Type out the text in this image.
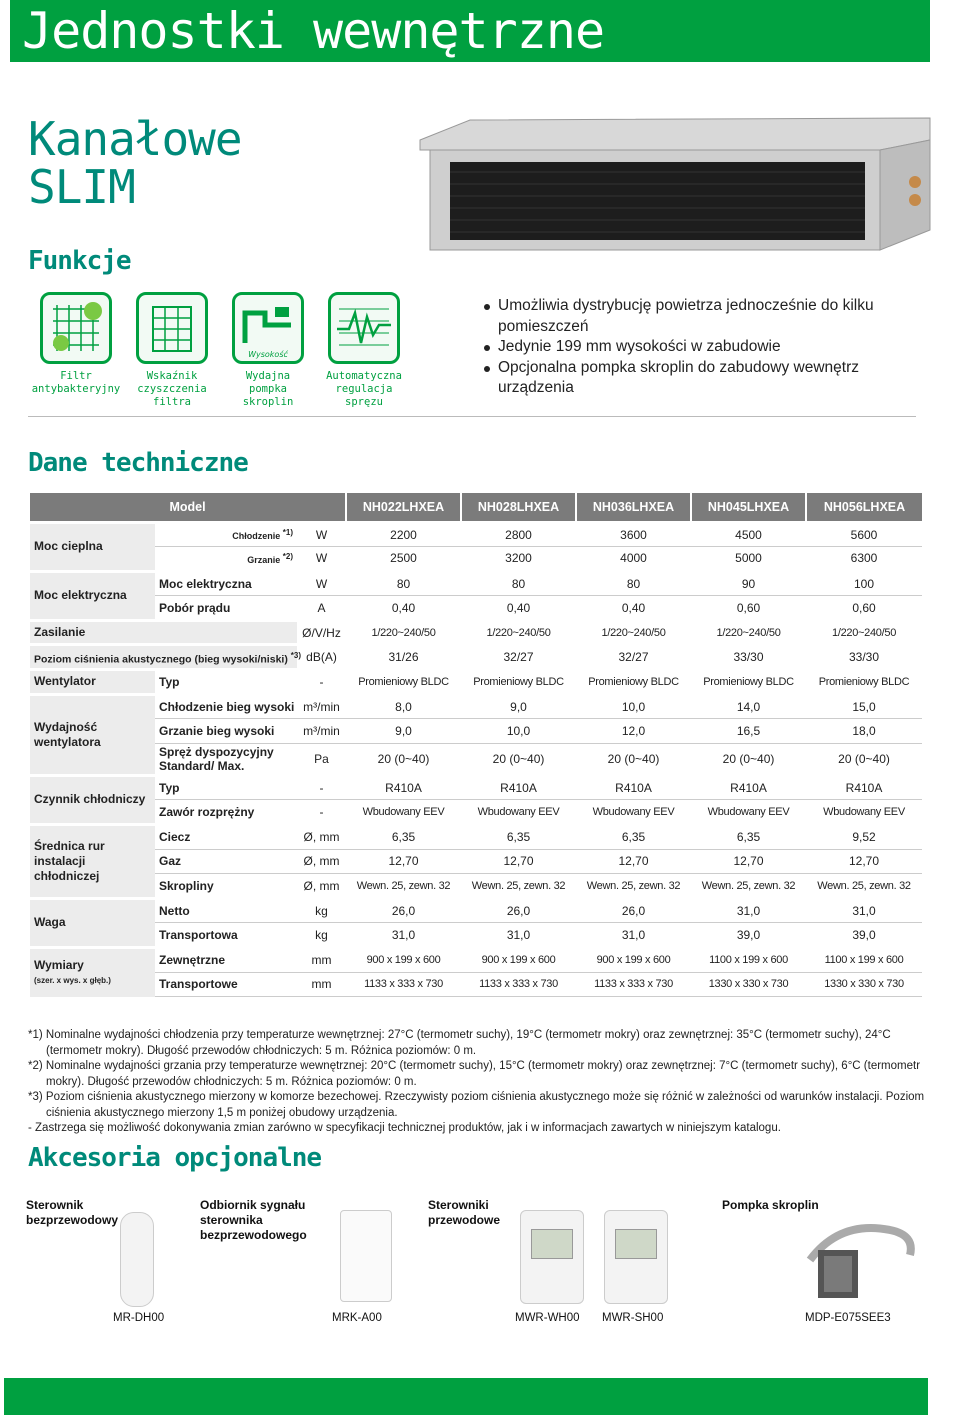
Jednostki wewnętrzne
Kanałowe
SLIM
Funkcje
Filtr
antybakteryjny
Wskaźnik
czyszczenia
filtra
Wysokość
Wydajna
pompka
skroplin
Automatyczna
regulacja
spręzu
Umożliwia dystrybucję powietrza jednocześnie do kilku pomieszczeń
Jedynie 199 mm wysokości w zabudowie
Opcjonalna pompka skroplin do zabudowy wewnętrz urządzenia
Dane techniczne
Model			NH022LHXEA	NH028LHXEA	NH036LHXEA	NH045LHXEA	NH056LHXEA
Moc cieplna	Chłodzenie $^{*1)}$	W	2200	2800	3600	4500	5600
	Grzanie $^{*2)}$	W	2500	3200	4000	5000	6300
Moc elektryczna	Moc elektryczna	W	80	80	80	90	100
	Pobór prądu	A	0,40	0,40	0,40	0,60	0,60
Zasilanie		Ø/V/Hz	1/220~240/50	1/220~240/50	1/220~240/50	1/220~240/50	1/220~240/50
Poziom ciśnienia akustycznego (bieg wysoki/niski) $^{*3)}$		dB(A)	31/26	32/27	32/27	33/30	33/30
Wentylator	Typ	-	Promieniowy BLDC	Promieniowy BLDC	Promieniowy BLDC	Promieniowy BLDC	Promieniowy BLDC

Wydajność
wentylatora	Chłodzenie bieg wysoki	m³/min	8,0	9,0	10,0	14,0	15,0
	Grzanie bieg wysoki	m³/min	9,0	10,0	12,0	16,5	18,0

	Spręż dyspozycyjny
Standard/ Max.	Pa	20 (0~40)	20 (0~40)	20 (0~40)	20 (0~40)	20 (0~40)
Czynnik chłodniczy	Typ	-	R410A	R410A	R410A	R410A	R410A
	Zawór rozprężny	-	Wbudowany EEV	Wbudowany EEV	Wbudowany EEV	Wbudowany EEV	Wbudowany EEV

Średnica rur
instalacji
chłodniczej	Ciecz	Ø, mm	6,35	6,35	6,35	6,35	9,52
	Gaz	Ø, mm	12,70	12,70	12,70	12,70	12,70
	Skropliny	Ø, mm	Wewn. 25, zewn. 32	Wewn. 25, zewn. 32	Wewn. 25, zewn. 32	Wewn. 25, zewn. 32	Wewn. 25, zewn. 32
Waga	Netto	kg	26,0	26,0	26,0	31,0	31,0
	Transportowa	kg	31,0	31,0	31,0	39,0	39,0

Wymiary
(szer. x wys. x głęb.)	Zewnętrzne	mm	900 x 199 x 600	900 x 199 x 600	900 x 199 x 600	1100 x 199 x 600	1100 x 199 x 600
	Transportowe	mm	1133 x 333 x 730	1133 x 333 x 730	1133 x 333 x 730	1330 x 330 x 730	1330 x 330 x 730

*1) Nominalne wydajności chłodzenia przy temperaturze wewnętrznej: 27°C (termometr suchy), 19°C (termometr mokry) oraz zewnętrznej: 35°C (termometr suchy), 24°C (termometr mokry). Długość przewodów chłodniczych: 5 m. Różnica poziomów: 0 m.

*2) Nominalne wydajności grzania przy temperaturze wewnętrznej: 20°C (termometr suchy), 15°C (termometr mokry) oraz zewnętrznej: 7°C (termometr suchy), 6°C (termometr mokry). Długość przewodów chłodniczych: 5 m. Różnica poziomów: 0 m.

*3) Poziom ciśnienia akustycznego mierzony w komorze bezechowej. Rzeczywisty poziom ciśnienia akustycznego może się różnić w zależności od warunków instalacji. Poziom ciśnienia akustycznego mierzony 1,5 m poniżej obudowy urządzenia.

- Zastrzega się możliwość dokonywania zmian zarówno w specyfikacji technicznej produktów, jak i w informacjach zawartych w niniejszym katalogu.

Akcesoria opcjonalne
Sterownik bezprzewodowy
Odbiornik sygnału sterownika bezprzewodowego
Sterowniki przewodowe
Pompka skroplin
MR-DH00	MRK-A00	MWR-WH00 MWR-SH00	MDP-E075SEE3
